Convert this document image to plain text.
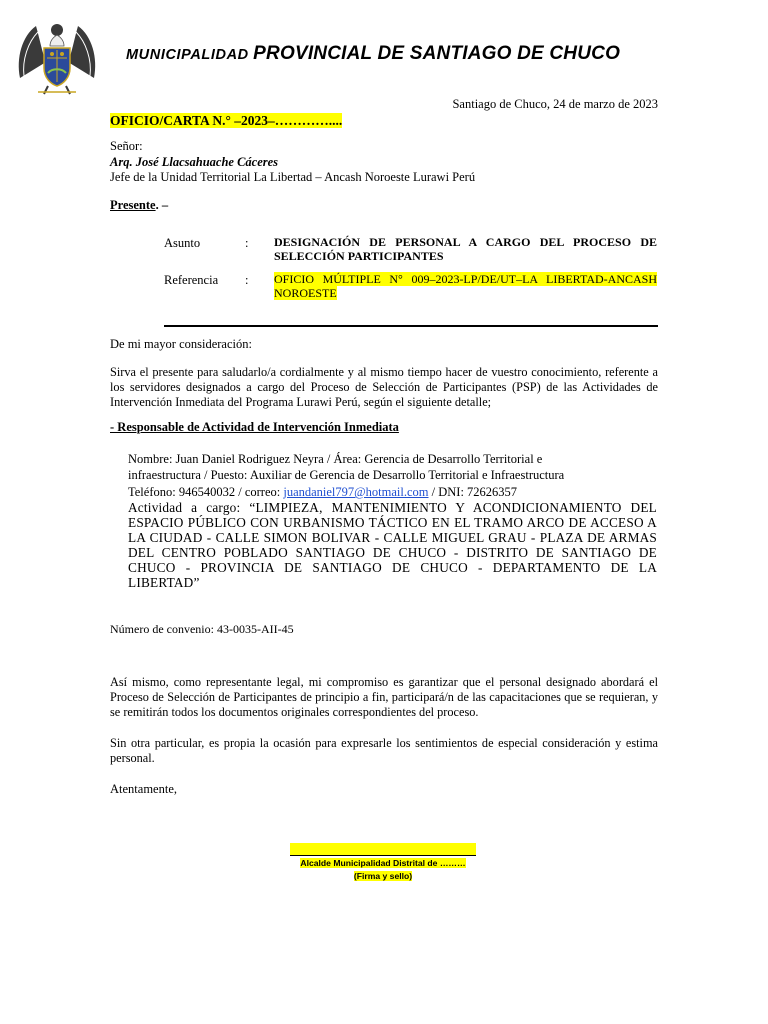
MUNICIPALIDAD PROVINCIAL DE SANTIAGO DE CHUCO
Santiago de Chuco, 24 de marzo de 2023
OFICIO/CARTA N.° –2023–…………....
Señor:
Arq. José Llacsahuache Cáceres
Jefe de la Unidad Territorial La Libertad – Ancash Noroeste Lurawi Perú
Presente. –
Asunto	: DESIGNACIÓN DE PERSONAL A CARGO DEL PROCESO DE SELECCIÓN PARTICIPANTES
Referencia : OFICIO MÚLTIPLE N° 009–2023-LP/DE/UT–LA LIBERTAD-ANCASH NOROESTE
De mi mayor consideración:
Sirva el presente para saludarlo/a cordialmente y al mismo tiempo hacer de vuestro conocimiento, referente a los servidores designados a cargo del Proceso de Selección de Participantes (PSP) de las Actividades de Intervención Inmediata del Programa Lurawi Perú, según el siguiente detalle;
- Responsable de Actividad de Intervención Inmediata
Nombre: Juan Daniel Rodriguez Neyra / Área: Gerencia de Desarrollo Territorial e
infraestructura / Puesto: Auxiliar de Gerencia de Desarrollo Territorial e Infraestructura
Teléfono: 946540032 / correo: juandaniel797@hotmail.com / DNI: 72626357
Actividad a cargo: “LIMPIEZA, MANTENIMIENTO Y ACONDICIONAMIENTO DEL ESPACIO PÚBLICO CON URBANISMO TÁCTICO EN EL TRAMO ARCO DE ACCESO A LA CIUDAD - CALLE SIMON BOLIVAR - CALLE MIGUEL GRAU - PLAZA DE ARMAS DEL CENTRO POBLADO SANTIAGO DE CHUCO - DISTRITO DE SANTIAGO DE CHUCO - PROVINCIA DE SANTIAGO DE CHUCO - DEPARTAMENTO DE LA LIBERTAD”
Número de convenio: 43-0035-AII-45
Así mismo, como representante legal, mi compromiso es garantizar que el personal designado abordará el Proceso de Selección de Participantes de principio a fin, participará/n de las capacitaciones que se requieran, y se remitirán todos los documentos originales correspondientes del proceso.
Sin otra particular, es propia la ocasión para expresarle los sentimientos de especial consideración y estima personal.
Atentamente,
Alcalde Municipalidad Distrital de ………
(Firma y sello)
